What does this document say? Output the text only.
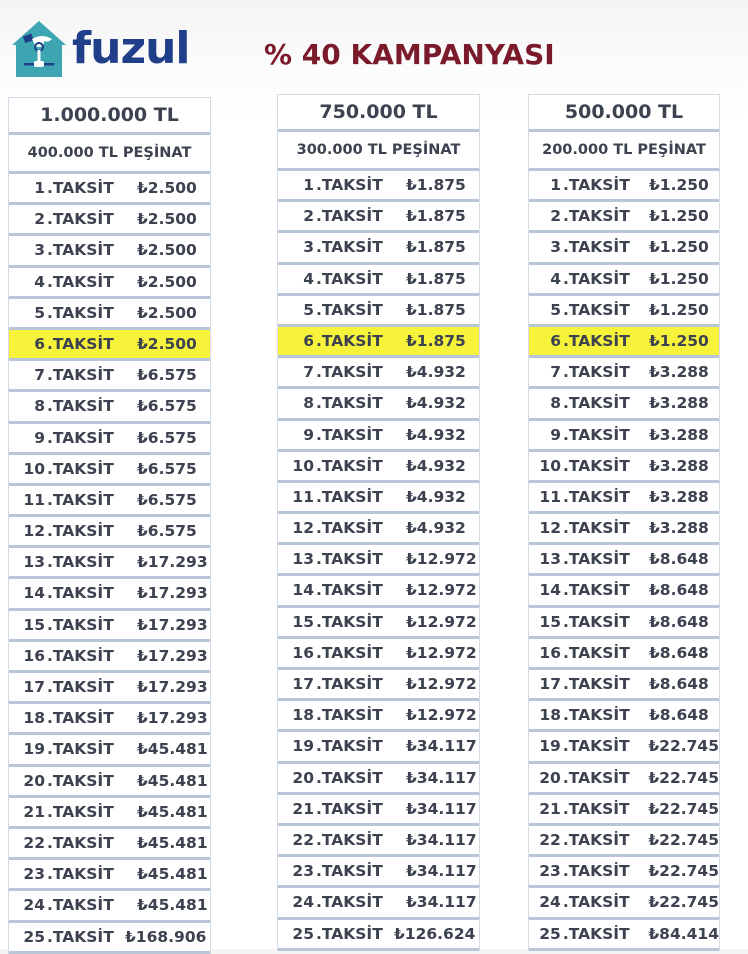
fuzul	% 40 KAMPANYASI
1.000.000 TL
400.000 TL PEŞİNAT
1 .TAKSİT	₺2.500
2 .TAKSİT	₺2.500
3 .TAKSİT	₺2.500
4 .TAKSİT	₺2.500
5 .TAKSİT	₺2.500
6 .TAKSİT	₺2.500
7 .TAKSİT	₺6.575
8 .TAKSİT	₺6.575
9 .TAKSİT	₺6.575
10 .TAKSİT	₺6.575
11 .TAKSİT	₺6.575
12 .TAKSİT	₺6.575
13 .TAKSİT	₺17.293
14 .TAKSİT	₺17.293
15 .TAKSİT	₺17.293
16 .TAKSİT	₺17.293
17 .TAKSİT	₺17.293
18 .TAKSİT	₺17.293
19 .TAKSİT	₺45.481
20 .TAKSİT	₺45.481
21 .TAKSİT	₺45.481
22 .TAKSİT	₺45.481
23 .TAKSİT	₺45.481
24 .TAKSİT	₺45.481
25 .TAKSİT ₺168.906
750.000 TL
300.000 TL PEŞİNAT
1 .TAKSİT	₺1.875
2 .TAKSİT	₺1.875
3 .TAKSİT	₺1.875
4 .TAKSİT	₺1.875
5 .TAKSİT	₺1.875
6 .TAKSİT	₺1.875
7 .TAKSİT	₺4.932
8 .TAKSİT	₺4.932
9 .TAKSİT	₺4.932
10 .TAKSİT	₺4.932
11 .TAKSİT	₺4.932
12 .TAKSİT	₺4.932
13 .TAKSİT	₺12.972
14 .TAKSİT	₺12.972
15 .TAKSİT	₺12.972
16 .TAKSİT	₺12.972
17 .TAKSİT	₺12.972
18 .TAKSİT	₺12.972
19 .TAKSİT	₺34.117
20 .TAKSİT	₺34.117
21 .TAKSİT	₺34.117
22 .TAKSİT	₺34.117
23 .TAKSİT	₺34.117
24 .TAKSİT	₺34.117
25 .TAKSİT ₺126.624
500.000 TL
200.000 TL PEŞİNAT
1 .TAKSİT	₺1.250
2 .TAKSİT	₺1.250
3 .TAKSİT	₺1.250
4 .TAKSİT	₺1.250
5 .TAKSİT	₺1.250
6 .TAKSİT	₺1.250
7 .TAKSİT	₺3.288
8 .TAKSİT	₺3.288
9 .TAKSİT	₺3.288
10 .TAKSİT	₺3.288
11 .TAKSİT	₺3.288
12 .TAKSİT	₺3.288
13 .TAKSİT	₺8.648
14 .TAKSİT	₺8.648
15 .TAKSİT	₺8.648
16 .TAKSİT	₺8.648
17 .TAKSİT	₺8.648
18 .TAKSİT	₺8.648
19 .TAKSİT	₺22.745
20 .TAKSİT	₺22.745
21 .TAKSİT	₺22.745
22 .TAKSİT	₺22.745
23 .TAKSİT	₺22.745
24 .TAKSİT	₺22.745
25 .TAKSİT	₺84.414
